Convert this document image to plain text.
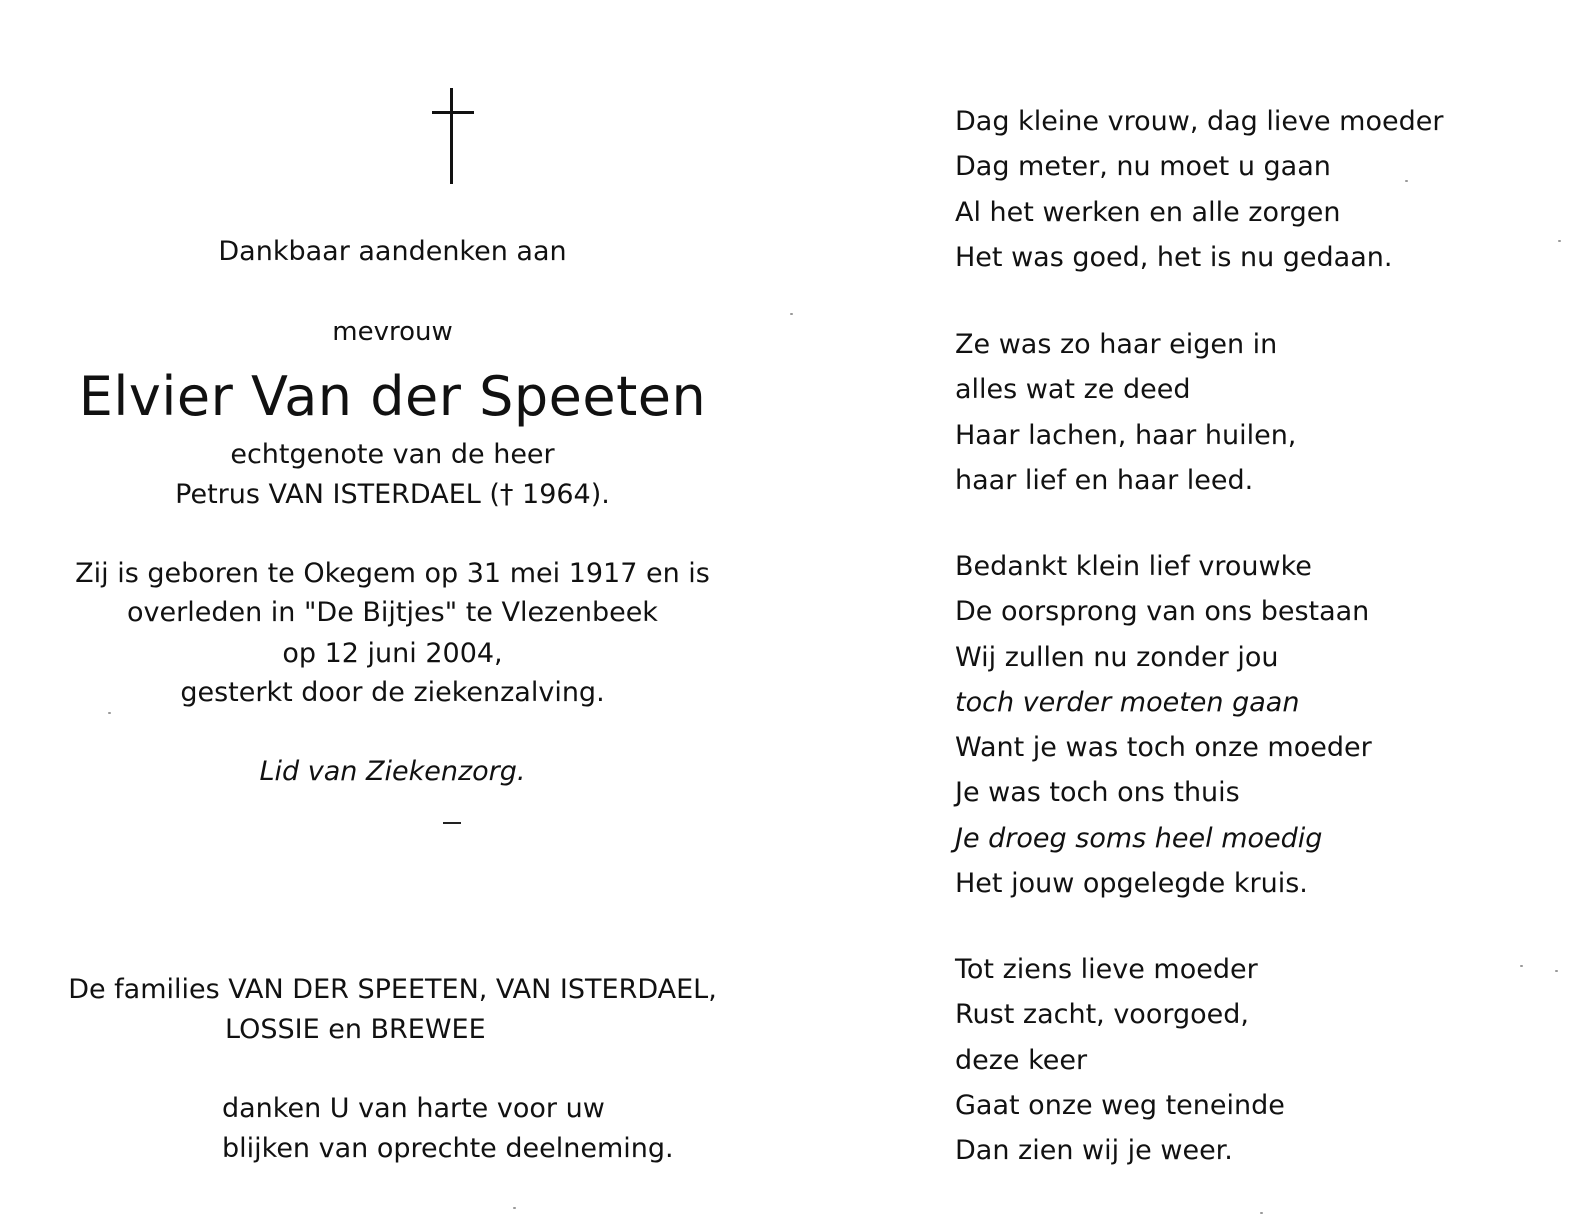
Dankbaar aandenken aan
mevrouw
Elvier Van der Speeten
echtgenote van de heer
Petrus VAN ISTERDAEL († 1964).
Zij is geboren te Okegem op 31 mei 1917 en is
overleden in "De Bijtjes" te Vlezenbeek
op 12 juni 2004,
gesterkt door de ziekenzalving.
Lid van Ziekenzorg.
De families VAN DER SPEETEN, VAN ISTERDAEL,
LOSSIE en BREWEE
danken U van harte voor uw
blijken van oprechte deelneming.
Dag kleine vrouw, dag lieve moeder
Dag meter, nu moet u gaan
Al het werken en alle zorgen
Het was goed, het is nu gedaan.
Ze was zo haar eigen in
alles wat ze deed
Haar lachen, haar huilen,
haar lief en haar leed.
Bedankt klein lief vrouwke
De oorsprong van ons bestaan
Wij zullen nu zonder jou
toch verder moeten gaan
Want je was toch onze moeder
Je was toch ons thuis
Je droeg soms heel moedig
Het jouw opgelegde kruis.
Tot ziens lieve moeder
Rust zacht, voorgoed,
deze keer
Gaat onze weg teneinde
Dan zien wij je weer.
